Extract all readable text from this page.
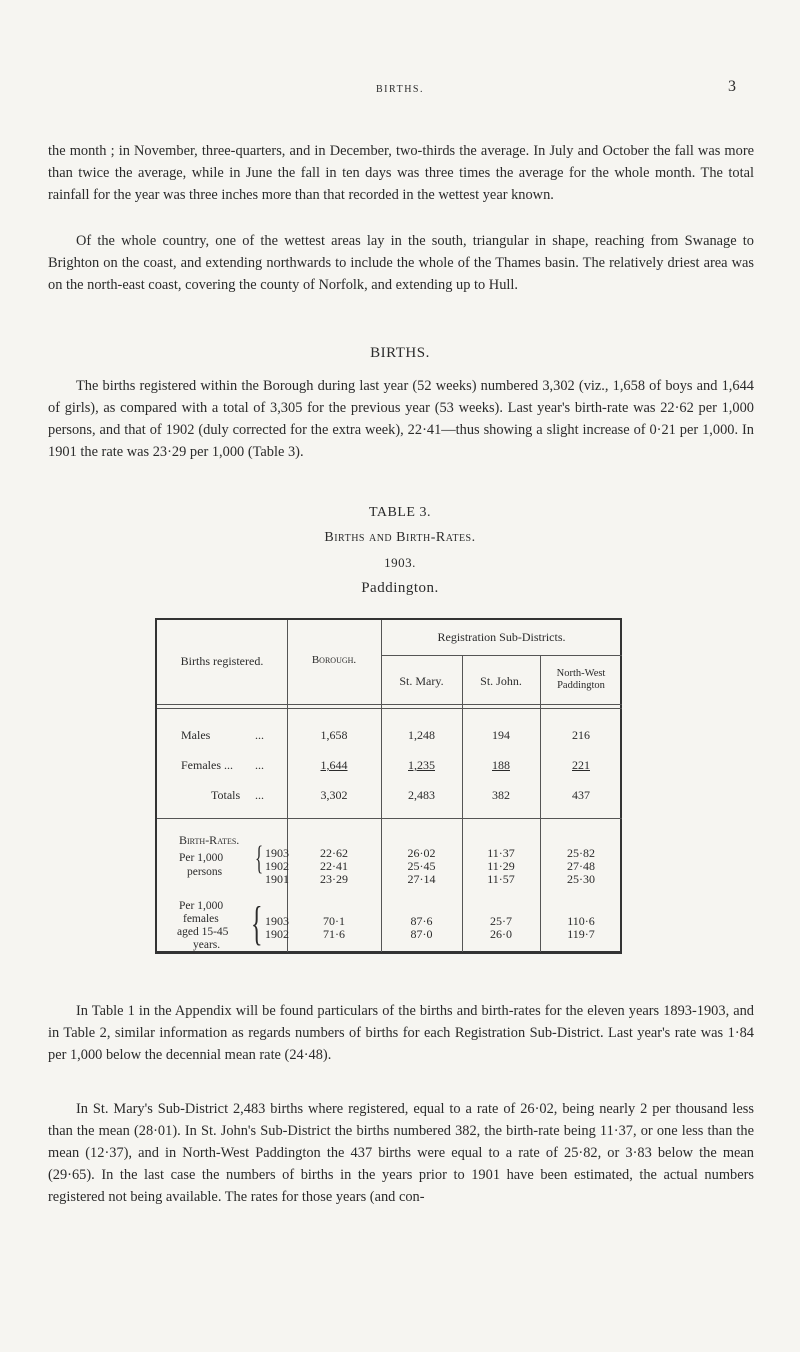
BIRTHS.	3

the month ; in November, three-quarters, and in December, two-thirds the average. In July and October the fall was more than twice the average, while in June the fall in ten days was three times the average for the whole month. The total rainfall for the year was three inches more than that recorded in the wettest year known.

Of the whole country, one of the wettest areas lay in the south, triangular in shape, reaching from Swanage to Brighton on the coast, and extending northwards to include the whole of the Thames basin. The relatively driest area was on the north-east coast, covering the county of Norfolk, and extending up to Hull.

BIRTHS.

The births registered within the Borough during last year (52 weeks) numbered 3,302 (viz., 1,658 of boys and 1,644 of girls), as compared with a total of 3,305 for the previous year (53 weeks). Last year's birth-rate was 22·62 per 1,000 persons, and that of 1902 (duly corrected for the extra week), 22·41—thus showing a slight increase of 0·21 per 1,000. In 1901 the rate was 23·29 per 1,000 (Table 3).

TABLE 3.
Births and Birth-Rates.
1903.
Paddington.
Births registered.	Borough.
Registration Sub-Districts.
St. Mary.	St. John.
North-West
Paddington
Males	...	1,658	1,248	194	216
Females ... ...	1,644	1,235	188	221
Totals ...	3,302	2,483	382	437
Birth-Rates.
Per 1,000
persons { 1903	22·62	26·02	11·37	25·82
1902	22·41	25·45	11·29	27·48
1901	23·29	27·14	11·57	25·30
Per 1,000
females
aged 15-45
years. { 1903	70·1	87·6	25·7	110·6
1902	71·6	87·0	26·0	119·7

In Table 1 in the Appendix will be found particulars of the births and birth-rates for the eleven years 1893-1903, and in Table 2, similar information as regards numbers of births for each Registration Sub-District. Last year's rate was 1·84 per 1,000 below the decennial mean rate (24·48).

In St. Mary's Sub-District 2,483 births where registered, equal to a rate of 26·02, being nearly 2 per thousand less than the mean (28·01). In St. John's Sub-District the births numbered 382, the birth-rate being 11·37, or one less than the mean (12·37), and in North-West Paddington the 437 births were equal to a rate of 25·82, or 3·83 below the mean (29·65). In the last case the numbers of births in the years prior to 1901 have been estimated, the actual numbers registered not being available. The rates for those years (and con-
